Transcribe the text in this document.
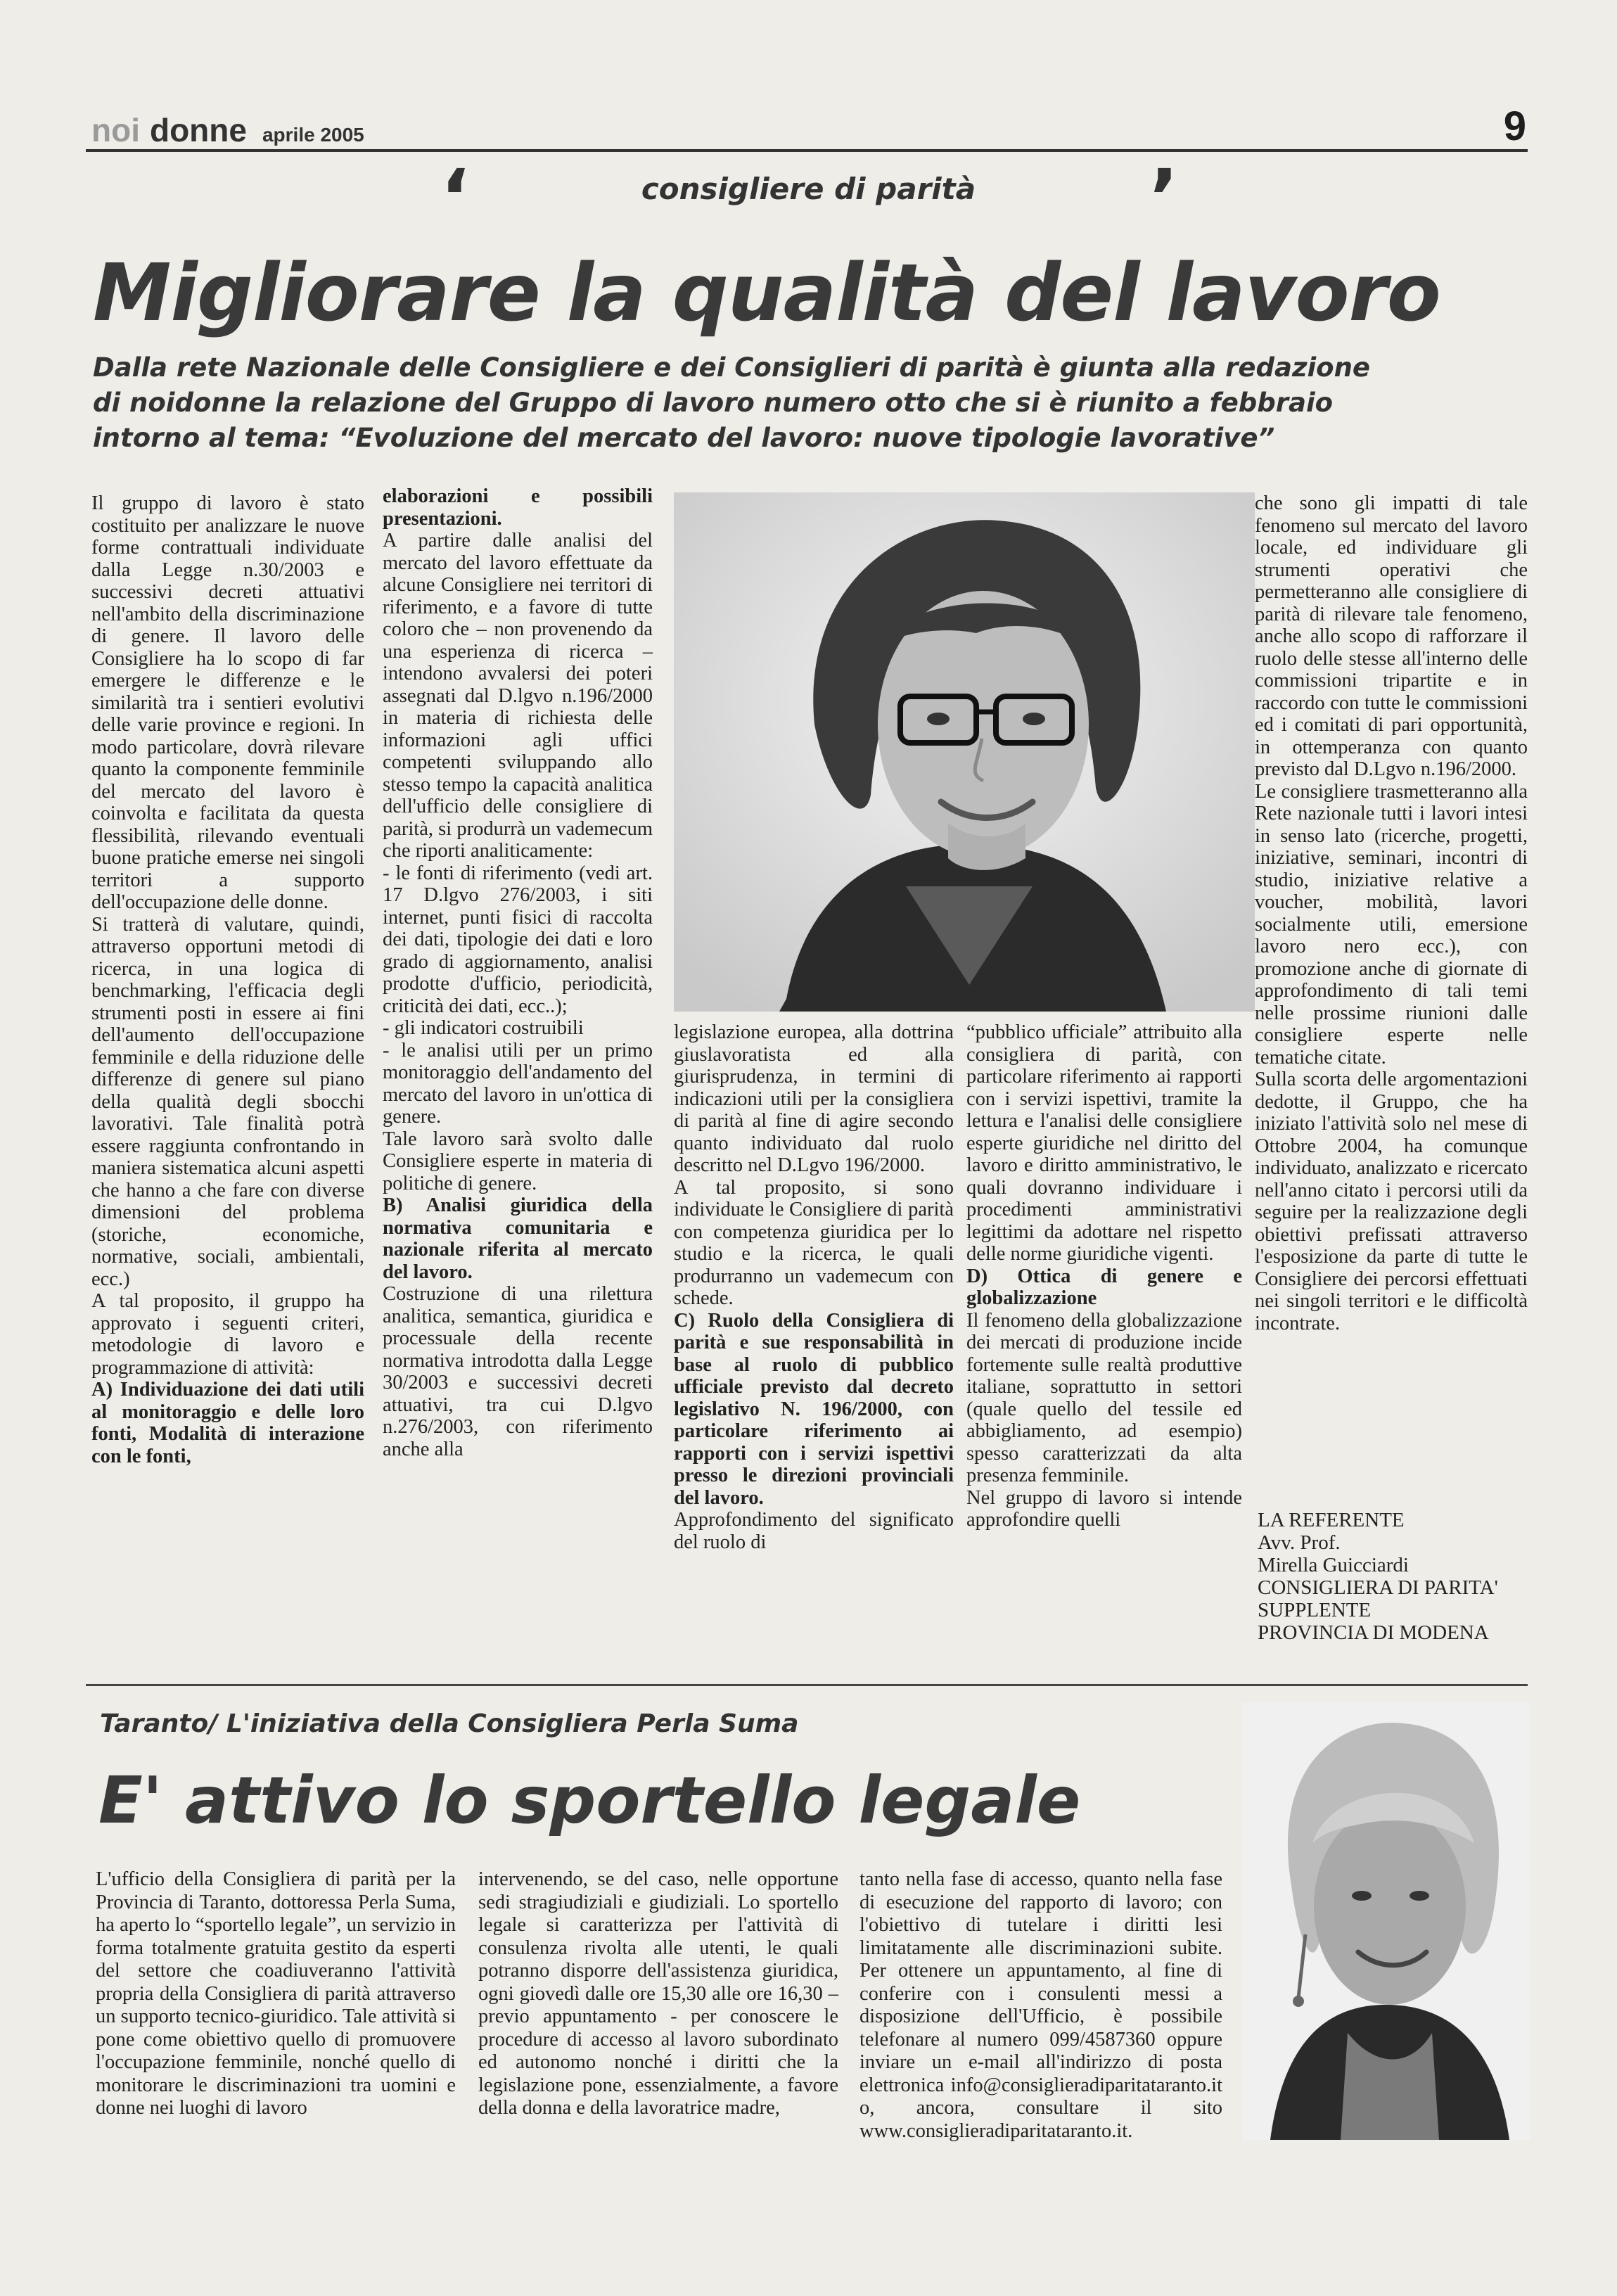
noi donne aprile 2005	9
‘	consigliere di parità	’
Migliorare la qualità del lavoro
Dalla rete Nazionale delle Consigliere e dei Consiglieri di parità è giunta alla redazione
di noidonne la relazione del Gruppo di lavoro numero otto che si è riunito a febbraio
intorno al tema: “Evoluzione del mercato del lavoro: nuove tipologie lavorative”

Il gruppo di lavoro è stato costituito per analizzare le nuove forme contrattuali individuate dalla Legge n.30/2003 e successivi decreti attuativi nell'ambito della discriminazione di genere. Il lavoro delle Consigliere ha lo scopo di far emergere le differenze e le similarità tra i sentieri evolutivi delle varie province e regioni. In modo particolare, dovrà rilevare quanto la componente femminile del mercato del lavoro è coinvolta e facilitata da questa flessibilità, rilevando eventuali buone pratiche emerse nei singoli territori a supporto dell'occupazione delle donne.

Si tratterà di valutare, quindi, attraverso opportuni metodi di ricerca, in una logica di benchmarking, l'efficacia degli strumenti posti in essere ai fini dell'aumento dell'occupazione femminile e della riduzione delle differenze di genere sul piano della qualità degli sbocchi lavorativi. Tale finalità potrà essere raggiunta confrontando in maniera sistematica alcuni aspetti che hanno a che fare con diverse dimensioni del problema (storiche, economiche, normative, sociali, ambientali, ecc.)

A tal proposito, il gruppo ha approvato i seguenti criteri, metodologie di lavoro e programmazione di attività:

A) Individuazione dei dati utili al monitoraggio e delle loro fonti, Modalità di interazione con le fonti,

elaborazioni e possibili presentazioni.

A partire dalle analisi del mercato del lavoro effettuate da alcune Consigliere nei territori di riferimento, e a favore di tutte coloro che – non provenendo da una esperienza di ricerca – intendono avvalersi dei poteri assegnati dal D.lgvo n.196/2000 in materia di richiesta delle informazioni agli uffici competenti sviluppando allo stesso tempo la capacità analitica dell'ufficio delle consigliere di parità, si produrrà un vademecum che riporti analiticamente:

- le fonti di riferimento (vedi art. 17 D.lgvo 276/2003, i siti internet, punti fisici di raccolta dei dati, tipologie dei dati e loro grado di aggiornamento, analisi prodotte d'ufficio, periodicità, criticità dei dati, ecc..);

- gli indicatori costruibili

- le analisi utili per un primo monitoraggio dell'andamento del mercato del lavoro in un'ottica di genere.

Tale lavoro sarà svolto dalle Consigliere esperte in materia di politiche di genere.

B) Analisi giuridica della normativa comunitaria e nazionale riferita al mercato del lavoro.

Costruzione di una rilettura analitica, semantica, giuridica e processuale della recente normativa introdotta dalla Legge 30/2003 e successivi decreti attuativi, tra cui D.lgvo n.276/2003, con riferimento anche alla

legislazione europea, alla dottrina giuslavoratista ed alla giurisprudenza, in termini di indicazioni utili per la consigliera di parità al fine di agire secondo quanto individuato dal ruolo descritto nel D.Lgvo 196/2000.

A tal proposito, si sono individuate le Consigliere di parità con competenza giuridica per lo studio e la ricerca, le quali produrranno un vademecum con schede.

C) Ruolo della Consigliera di parità e sue responsabilità in base al ruolo di pubblico ufficiale previsto dal decreto legislativo N. 196/2000, con particolare riferimento ai rapporti con i servizi ispettivi presso le direzioni provinciali del lavoro.

Approfondimento del significato del ruolo di

“pubblico ufficiale” attribuito alla consigliera di parità, con particolare riferimento ai rapporti con i servizi ispettivi, tramite la lettura e l'analisi delle consigliere esperte giuridiche nel diritto del lavoro e diritto amministrativo, le quali dovranno individuare i procedimenti amministrativi legittimi da adottare nel rispetto delle norme giuridiche vigenti.

D) Ottica di genere e globalizzazione

Il fenomeno della globalizzazione dei mercati di produzione incide fortemente sulle realtà produttive italiane, soprattutto in settori (quale quello del tessile ed abbigliamento, ad esempio) spesso caratterizzati da alta presenza femminile.

Nel gruppo di lavoro si intende approfondire quelli

che sono gli impatti di tale fenomeno sul mercato del lavoro locale, ed individuare gli strumenti operativi che permetteranno alle consigliere di parità di rilevare tale fenomeno, anche allo scopo di rafforzare il ruolo delle stesse all'interno delle commissioni tripartite e in raccordo con tutte le commissioni ed i comitati di pari opportunità, in ottemperanza con quanto previsto dal D.Lgvo n.196/2000.

Le consigliere trasmetteranno alla Rete nazionale tutti i lavori intesi in senso lato (ricerche, progetti, iniziative, seminari, incontri di studio, iniziative relative a voucher, mobilità, lavori socialmente utili, emersione lavoro nero ecc.), con promozione anche di giornate di approfondimento di tali temi nelle prossime riunioni dalle consigliere esperte nelle tematiche citate.

Sulla scorta delle argomentazioni dedotte, il Gruppo, che ha iniziato l'attività solo nel mese di Ottobre 2004, ha comunque individuato, analizzato e ricercato nell'anno citato i percorsi utili da seguire per la realizzazione degli obiettivi prefissati attraverso l'esposizione da parte di tutte le Consigliere dei percorsi effettuati nei singoli territori e le difficoltà incontrate.

LA REFERENTE
Avv. Prof.
Mirella Guicciardi
CONSIGLIERA DI PARITA'
SUPPLENTE
PROVINCIA DI MODENA
Taranto/ L'iniziativa della Consigliera Perla Suma
E' attivo lo sportello legale
L'ufficio della Consigliera di parità per la Provincia di Taranto, dottoressa Perla Suma, ha aperto lo “sportello legale”, un servizio in forma totalmente gratuita gestito da esperti del settore che coadiuveranno l'attività propria della Consigliera di parità attraverso un supporto tecnico-giuridico. Tale attività si pone come obiettivo quello di promuovere l'occupazione femminile, nonché quello di monitorare le discriminazioni tra uomini e donne nei luoghi di lavoro
intervenendo, se del caso, nelle opportune sedi stragiudiziali e giudiziali. Lo sportello legale si caratterizza per l'attività di consulenza rivolta alle utenti, le quali potranno disporre dell'assistenza giuridica, ogni giovedì dalle ore 15,30 alle ore 16,30 – previo appuntamento - per conoscere le procedure di accesso al lavoro subordinato ed autonomo nonché i diritti che la legislazione pone, essenzialmente, a favore della donna e della lavoratrice madre,
tanto nella fase di accesso, quanto nella fase di esecuzione del rapporto di lavoro; con l'obiettivo di tutelare i diritti lesi limitatamente alle discriminazioni subite. Per ottenere un appuntamento, al fine di conferire con i consulenti messi a disposizione dell'Ufficio, è possibile telefonare al numero 099/4587360 oppure inviare un e-mail all'indirizzo di posta elettronica info@consiglieradiparitataranto.it o, ancora, consultare il sito www.consiglieradiparitataranto.it.
